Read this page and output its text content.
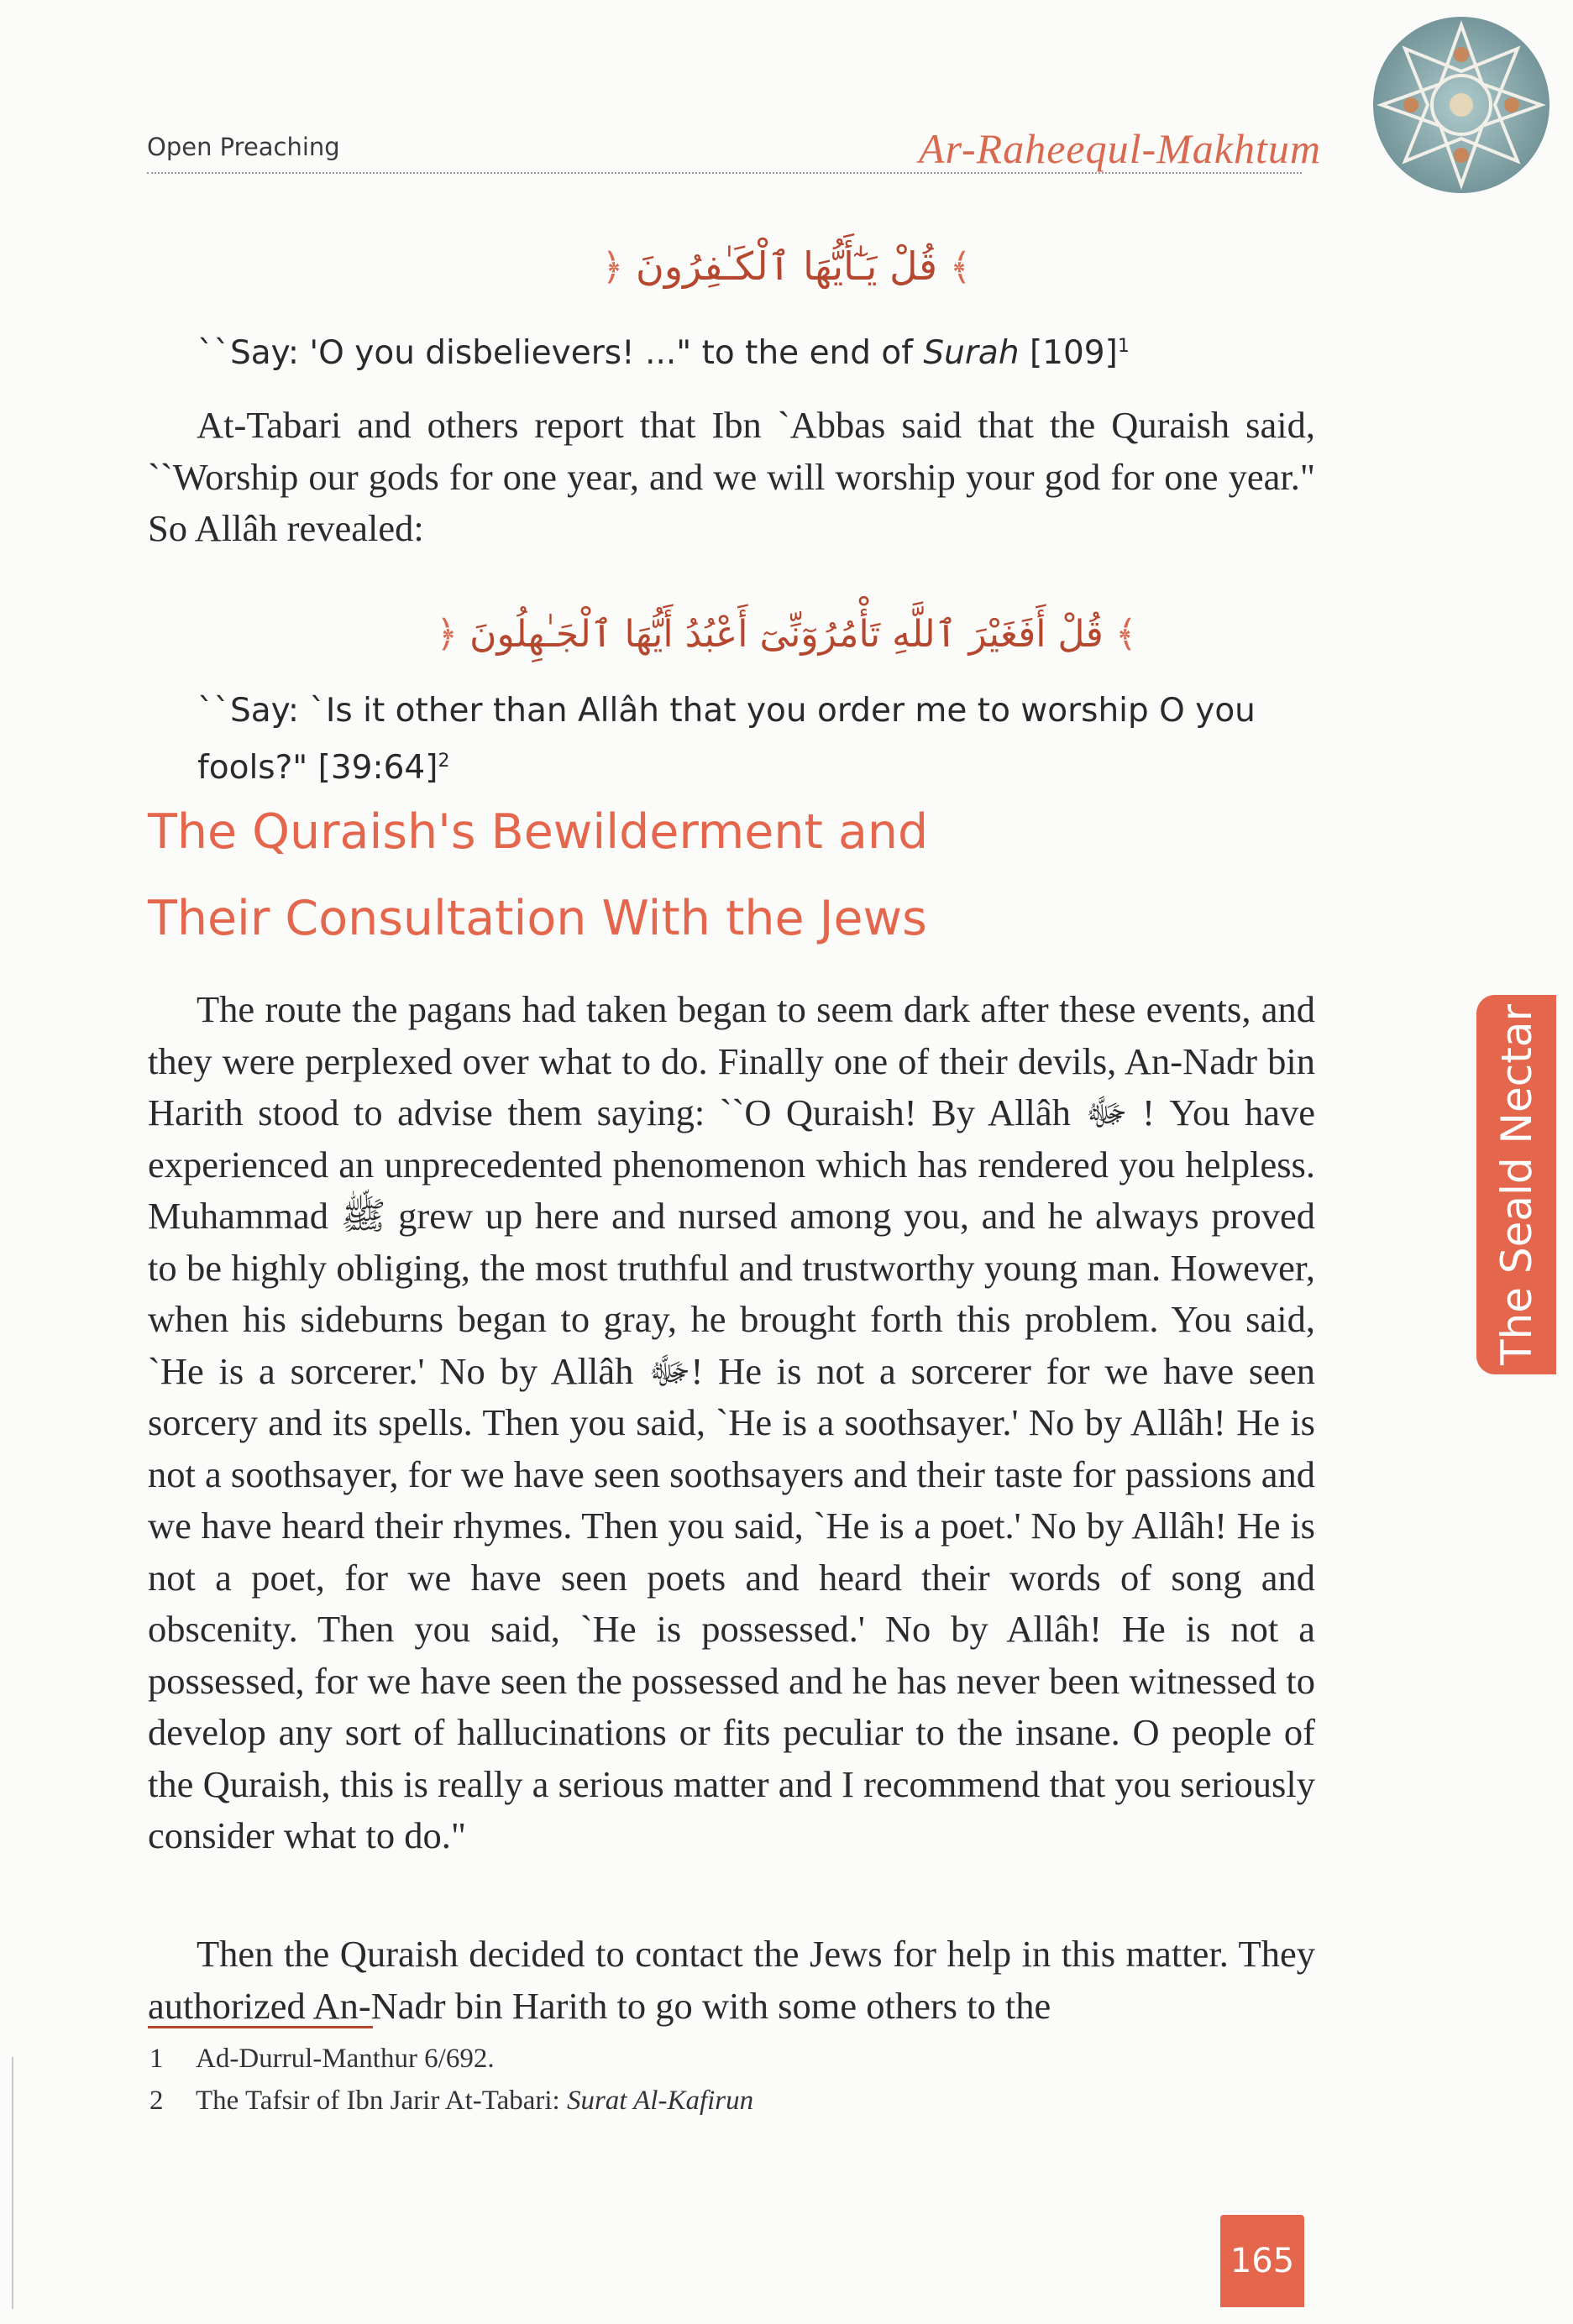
Open Preaching	Ar-Raheequl-Makhtum
﴾ قُلْ يَـٰٓأَيُّهَا ٱلْكَـٰفِرُونَ ﴿
``Say: 'O you disbelievers! ..." to the end of Surah $[109]^1$
At-Tabari and others report that Ibn `Abbas said that the Quraish said, ``Worship our gods for one year, and we will worship your god for one year." So Allâh revealed:
﴾ قُلْ أَفَغَيْرَ ٱللَّهِ تَأْمُرُوٓنِّىٓ أَعْبُدُ أَيُّهَا ٱلْجَـٰهِلُونَ ﴿
``Say: `Is it other than Allâh that you order me to worship O you fools?" [39:64]$^2$
The Quraish's Bewilderment and
Their Consultation With the Jews
The route the pagans had taken began to seem dark after these events, and they were perplexed over what to do. Finally one of their devils, An-Nadr bin Harith stood to advise them saying: ``O Quraish! By Allâh ﷻ ! You have experienced an unprecedented phenomenon which has rendered you helpless. Muhammad ﷺ grew up here and nursed among you, and he always proved to be highly obliging, the most truthful and trustworthy young man. However, when his sideburns began to gray, he brought forth this problem. You said, `He is a sorcerer.' No by Allâh ﷻ! He is not a sorcerer for we have seen sorcery and its spells. Then you said, `He is a soothsayer.' No by Allâh! He is not a soothsayer, for we have seen soothsayers and their taste for passions and we have heard their rhymes. Then you said, `He is a poet.' No by Allâh! He is not a poet, for we have seen poets and heard their words of song and obscenity. Then you said, `He is possessed.' No by Allâh! He is not a possessed, for we have seen the possessed and he has never been witnessed to develop any sort of hallucinations or fits peculiar to the insane. O people of the Quraish, this is really a serious matter and I recommend that you seriously consider what to do."
Then the Quraish decided to contact the Jews for help in this matter. They authorized An-Nadr bin Harith to go with some others to the
1 Ad-Durrul-Manthur 6/692.
2 The Tafsir of Ibn Jarir At-Tabari: Surat Al-Kafirun
The Seald Nectar
165
